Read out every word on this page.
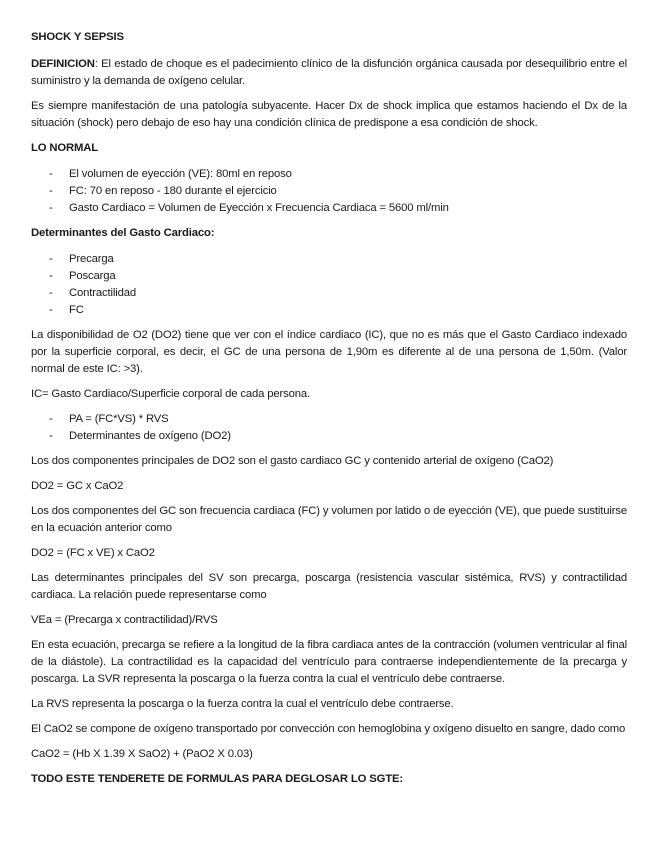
SHOCK Y SEPSIS

DEFINICION: El estado de choque es el padecimiento clínico de la disfunción orgánica causada por desequilibrio entre el suministro y la demanda de oxígeno celular.

Es siempre manifestación de una patología subyacente. Hacer Dx de shock implica que estamos haciendo el Dx de la situación (shock) pero debajo de eso hay una condición clínica de predispone a esa condición de shock.

LO NORMAL
- El volumen de eyección (VE): 80ml en reposo
- FC: 70 en reposo - 180 durante el ejercicio
- Gasto Cardiaco = Volumen de Eyección x Frecuencia Cardiaca = 5600 ml/min
Determinantes del Gasto Cardiaco:
- Precarga
- Poscarga
- Contractilidad
- FC

La disponibilidad de O2 (DO2) tiene que ver con el índice cardiaco (IC), que no es más que el Gasto Cardiaco indexado por la superficie corporal, es decir, el GC de una persona de 1,90m es diferente al de una persona de 1,50m. (Valor normal de este IC: >3).

IC= Gasto Cardiaco/Superficie corporal de cada persona.

- PA = (FC*VS) * RVS
- Determinantes de oxígeno (DO2)

Los dos componentes principales de DO2 son el gasto cardiaco GC y contenido arterial de oxígeno (CaO2)

DO2 = GC x CaO2

Los dos componentes del GC son frecuencia cardiaca (FC) y volumen por latido o de eyección (VE), que puede sustituirse en la ecuación anterior como

DO2 = (FC x VE) x CaO2

Las determinantes principales del SV son precarga, poscarga (resistencia vascular sistémica, RVS) y contractilidad cardiaca. La relación puede representarse como

VEa = (Precarga x contractilidad)/RVS

En esta ecuación, precarga se refiere a la longitud de la fibra cardiaca antes de la contracción (volumen ventricular al final de la diástole). La contractilidad es la capacidad del ventrículo para contraerse independientemente de la precarga y poscarga. La SVR representa la poscarga o la fuerza contra la cual el ventrículo debe contraerse.

La RVS representa la poscarga o la fuerza contra la cual el ventrículo debe contraerse.

El CaO2 se compone de oxígeno transportado por convección con hemoglobina y oxígeno disuelto en sangre, dado como

CaO2 = (Hb X 1.39 X SaO2) + (PaO2 X 0.03)

TODO ESTE TENDERETE DE FORMULAS PARA DEGLOSAR LO SGTE:
